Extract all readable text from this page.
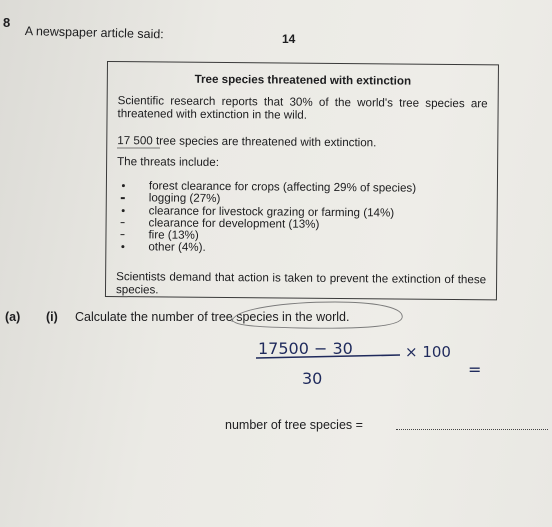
8
A newspaper article said:	14
Tree species threatened with extinction

Scientific research reports that 30% of the world's tree species are threatened with extinction in the wild.

17 500 tree species are threatened with extinction.

The threats include:

forest clearance for crops (affecting 29% of species)
logging (27%)
clearance for livestock grazing or farming (14%)
clearance for development (13%)
fire (13%)
other (4%).

Scientists demand that action is taken to prevent the extinction of these species.

(a) (i) Calculate the number of tree species in the world.
17500 − 30	× 100
30	=
number of tree species =
